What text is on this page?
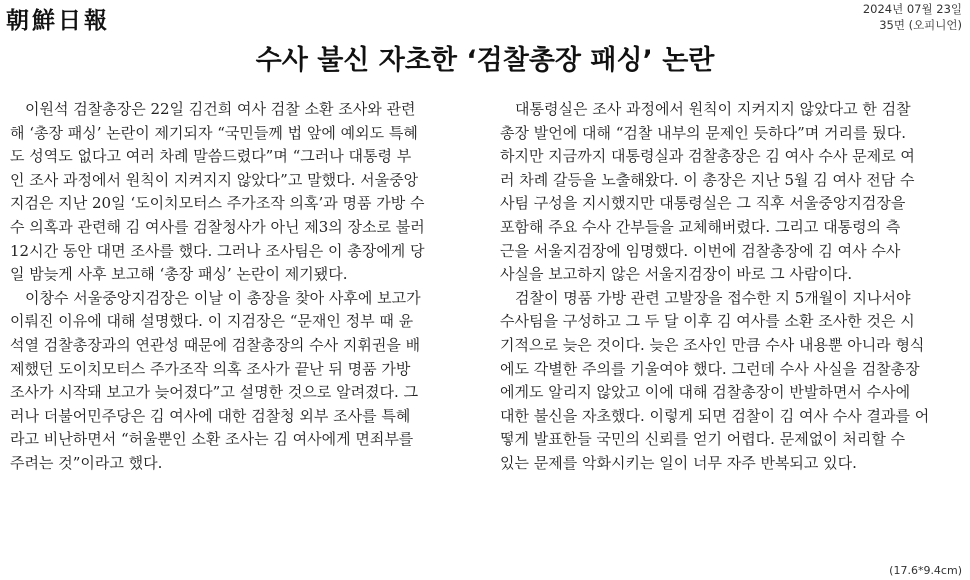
朝鮮日報	2024년 07월 23일
35면 (오피니언)
수사 불신 자초한 ‘검찰총장 패싱’ 논란
　이원석 검찰총장은 22일 김건희 여사 검찰 소환 조사와 관련
해 ‘총장 패싱’ 논란이 제기되자 “국민들께 법 앞에 예외도 특혜
도 성역도 없다고 여러 차례 말씀드렸다”며 “그러나 대통령 부
인 조사 과정에서 원칙이 지켜지지 않았다”고 말했다. 서울중앙
지검은 지난 20일 ‘도이치모터스 주가조작 의혹’과 명품 가방 수
수 의혹과 관련해 김 여사를 검찰청사가 아닌 제3의 장소로 불러
12시간 동안 대면 조사를 했다. 그러나 조사팀은 이 총장에게 당
일 밤늦게 사후 보고해 ‘총장 패싱’ 논란이 제기됐다.
　이창수 서울중앙지검장은 이날 이 총장을 찾아 사후에 보고가
이뤄진 이유에 대해 설명했다. 이 지검장은 “문재인 정부 때 윤
석열 검찰총장과의 연관성 때문에 검찰총장의 수사 지휘권을 배
제했던 도이치모터스 주가조작 의혹 조사가 끝난 뒤 명품 가방
조사가 시작돼 보고가 늦어졌다”고 설명한 것으로 알려졌다. 그
러나 더불어민주당은 김 여사에 대한 검찰청 외부 조사를 특혜
라고 비난하면서 “허울뿐인 소환 조사는 김 여사에게 면죄부를
주려는 것”이라고 했다.
　대통령실은 조사 과정에서 원칙이 지켜지지 않았다고 한 검찰
총장 발언에 대해 “검찰 내부의 문제인 듯하다”며 거리를 뒀다.
하지만 지금까지 대통령실과 검찰총장은 김 여사 수사 문제로 여
러 차례 갈등을 노출해왔다. 이 총장은 지난 5월 김 여사 전담 수
사팀 구성을 지시했지만 대통령실은 그 직후 서울중앙지검장을
포함해 주요 수사 간부들을 교체해버렸다. 그리고 대통령의 측
근을 서울지검장에 임명했다. 이번에 검찰총장에 김 여사 수사
사실을 보고하지 않은 서울지검장이 바로 그 사람이다.
　검찰이 명품 가방 관련 고발장을 접수한 지 5개월이 지나서야
수사팀을 구성하고 그 두 달 이후 김 여사를 소환 조사한 것은 시
기적으로 늦은 것이다. 늦은 조사인 만큼 수사 내용뿐 아니라 형식
에도 각별한 주의를 기울여야 했다. 그런데 수사 사실을 검찰총장
에게도 알리지 않았고 이에 대해 검찰총장이 반발하면서 수사에
대한 불신을 자초했다. 이렇게 되면 검찰이 김 여사 수사 결과를 어
떻게 발표한들 국민의 신뢰를 얻기 어렵다. 문제없이 처리할 수
있는 문제를 악화시키는 일이 너무 자주 반복되고 있다.
(17.6*9.4cm)
